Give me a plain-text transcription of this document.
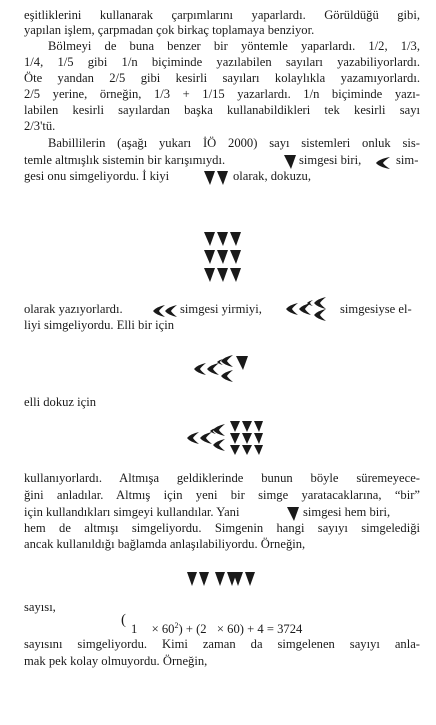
eşitliklerini kullanarak çarpımlarını yaparlardı. Görüldüğü gibi,
yapılan işlem, çarpmadan çok birkaç toplamaya benziyor.
Bölmeyi de buna benzer bir yöntemle yaparlardı. 1/2, 1/3,
1/4, 1/5 gibi 1/n biçiminde yazılabilen sayıları yazabiliyorlardı.
Öte yandan 2/5 gibi kesirli sayıları kolaylıkla yazamıyorlardı.
2/5 yerine, örneğin, 1/3 + 1/15 yazarlardı. 1/n biçiminde yazı-
labilen kesirli sayılardan başka kullanabildikleri tek kesirli sayı
2/3'tü.
Babillilerin (aşağı yukarı İÖ 2000) sayı sistemleri onluk sis-
temle altmışlık sistemin bir karışımıydı.	simgesi biri,	sim-
gesi onu simgeliyordu. İ kiyi	olarak, dokuzu,
olarak yazıyorlardı.	simgesi yirmiyi,	simgesiyse el-
liyi simgeliyordu. Elli bir için
elli dokuz için
kullanıyorlardı. Altmışa geldiklerinde bunun böyle süremeyece-
ğini anladılar. Altmış için yeni bir simge yaratacaklarına, “bir”
için kullandıkları simgeyi kullandılar. Yani	simgesi hem biri,
hem de altmışı simgeliyordu. Simgenin hangi sayıyı simgelediği
ancak kullanıldığı bağlamda anlaşılabiliyordu. Örneğin,
sayısı,
(
$1 \times 60^2) + (2 \times 60) + 4 = 3724$
sayısını simgeliyordu. Kimi zaman da simgelenen sayıyı anla-
mak pek kolay olmuyordu. Örneğin,
